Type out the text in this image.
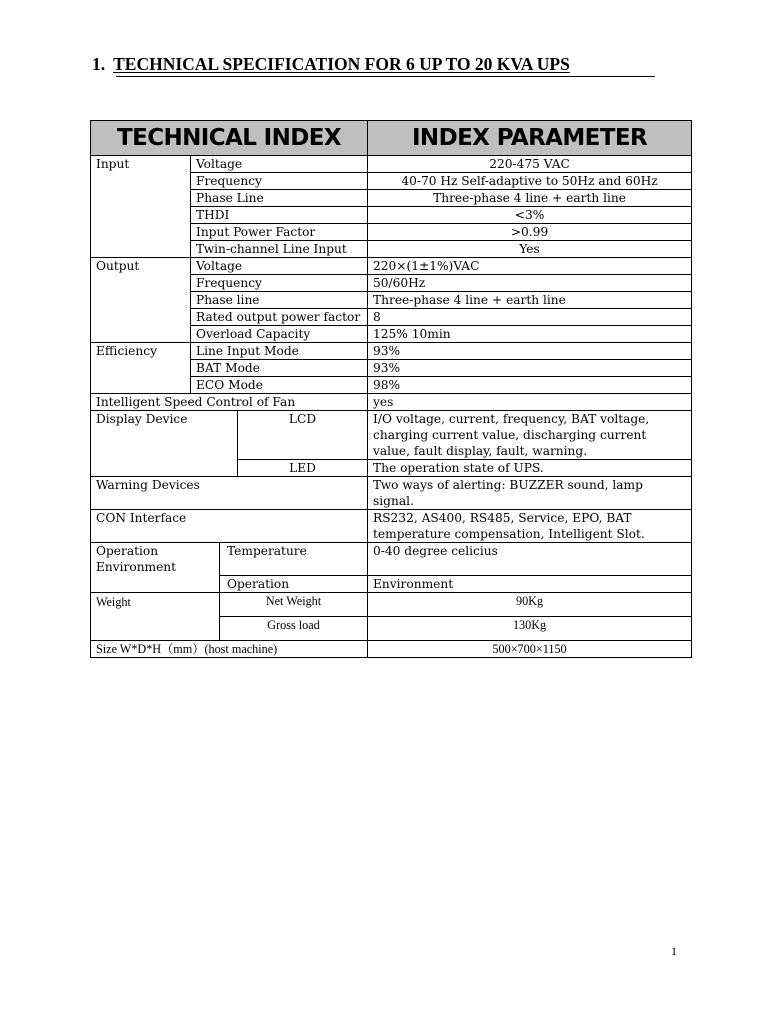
1. TECHNICAL SPECIFICATION FOR 6 UP TO 20 KVA UPS
TECHNICAL INDEX				INDEX PARAMETER
Input	Voltage			220-475 VAC
	Frequency			40-70 Hz Self-adaptive to 50Hz and 60Hz
	Phase Line			Three-phase 4 line + earth line
	THDI			<3%
	Input Power Factor			>0.99
	Twin-channel Line Input			Yes
Output	Voltage			220×(1±1%)VAC
	Frequency			50/60Hz
	Phase line			Three-phase 4 line + earth line
	Rated output power factor			8
	Overload Capacity			125% 10min
Efficiency	Line Input Mode			93%
	BAT Mode			93%
	ECO Mode			98%
Intelligent Speed Control of Fan				yes
Display Device			LCD	I/O voltage, current, frequency, BAT voltage, charging current value, discharging current value, fault display, fault, warning.
			LED	The operation state of UPS.
Warning Devices				Two ways of alerting: BUZZER sound, lamp signal.
CON Interface				RS232, AS400, RS485, Service, EPO, BAT temperature compensation, Intelligent Slot.
Operation Environment		Temperature		0-40 degree celicius
		Operation		Environment
Weight		Net Weight		90Kg
		Gross load		130Kg
Size W*D*H（mm）(host machine)				500×700×1150
1
